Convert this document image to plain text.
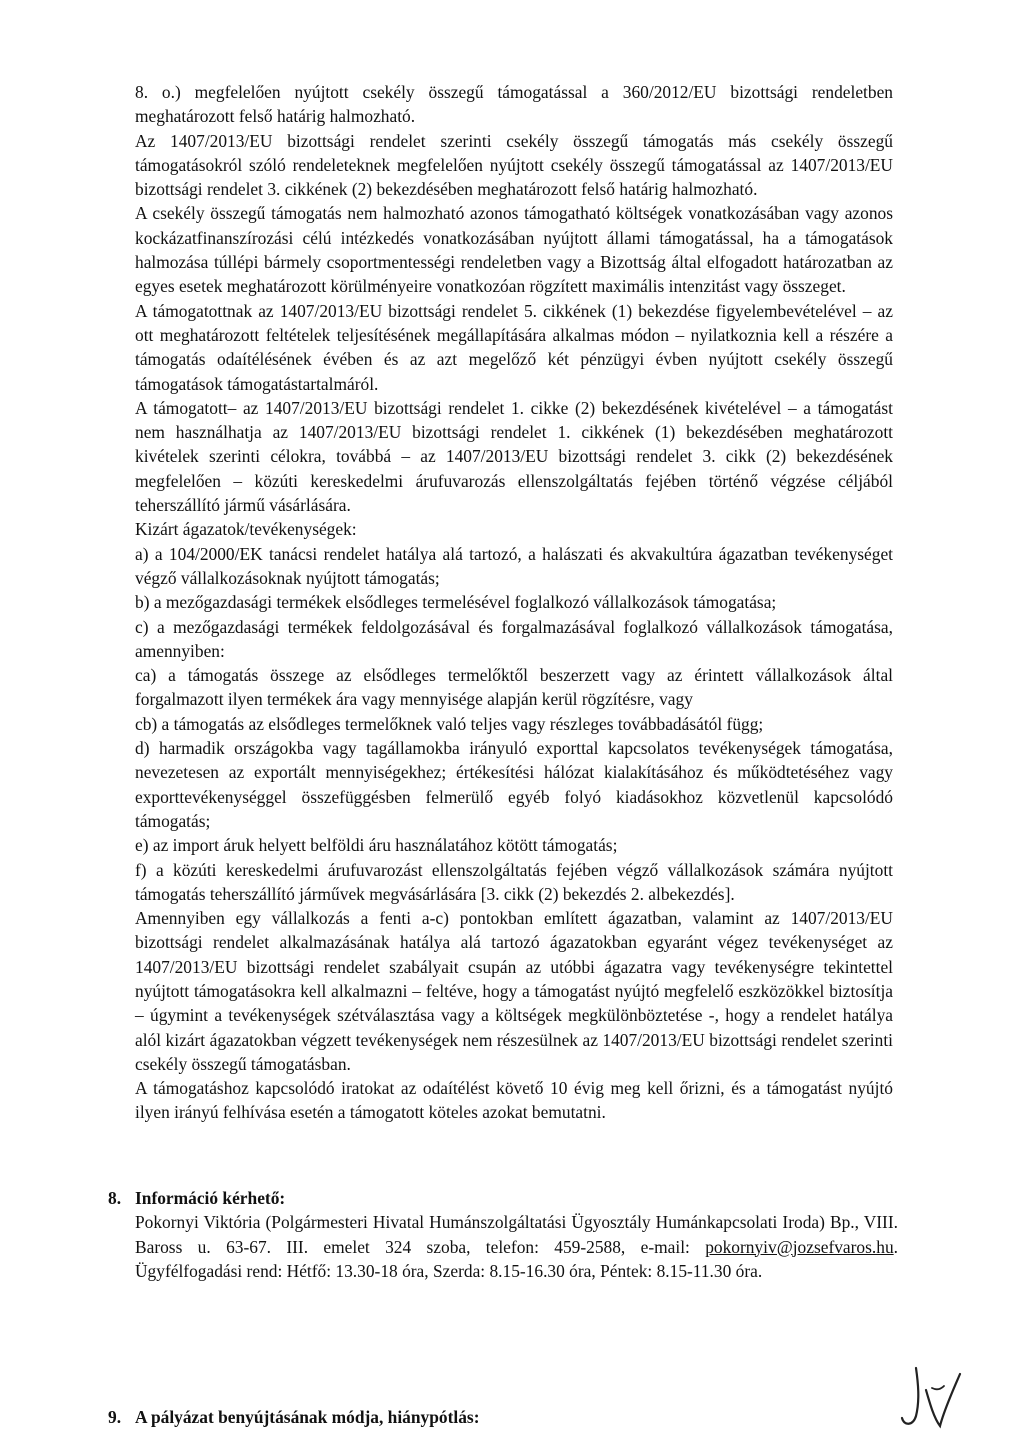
8. o.) megfelelően nyújtott csekély összegű támogatással a 360/2012/EU bizottsági rendeletben meghatározott felső határig halmozható.

Az 1407/2013/EU bizottsági rendelet szerinti csekély összegű támogatás más csekély összegű támogatásokról szóló rendeleteknek megfelelően nyújtott csekély összegű támogatással az 1407/2013/EU bizottsági rendelet 3. cikkének (2) bekezdésében meghatározott felső határig halmozható.

A csekély összegű támogatás nem halmozható azonos támogatható költségek vonatkozásában vagy azonos kockázatfinanszírozási célú intézkedés vonatkozásában nyújtott állami támogatással, ha a támogatások halmozása túllépi bármely csoportmentességi rendeletben vagy a Bizottság által elfogadott határozatban az egyes esetek meghatározott körülményeire vonatkozóan rögzített maximális intenzitást vagy összeget.

A támogatottnak az 1407/2013/EU bizottsági rendelet 5. cikkének (1) bekezdése figyelembevételével – az ott meghatározott feltételek teljesítésének megállapítására alkalmas módon – nyilatkoznia kell a részére a támogatás odaítélésének évében és az azt megelőző két pénzügyi évben nyújtott csekély összegű támogatások támogatástartalmáról.

A támogatott– az 1407/2013/EU bizottsági rendelet 1. cikke (2) bekezdésének kivételével – a támogatást nem használhatja az 1407/2013/EU bizottsági rendelet 1. cikkének (1) bekezdésében meghatározott kivételek szerinti célokra, továbbá – az 1407/2013/EU bizottsági rendelet 3. cikk (2) bekezdésének megfelelően – közúti kereskedelmi árufuvarozás ellenszolgáltatás fejében történő végzése céljából teherszállító jármű vásárlására.

Kizárt ágazatok/tevékenységek:

a) a 104/2000/EK tanácsi rendelet hatálya alá tartozó, a halászati és akvakultúra ágazatban tevékenységet végző vállalkozásoknak nyújtott támogatás;

b) a mezőgazdasági termékek elsődleges termelésével foglalkozó vállalkozások támogatása;

c) a mezőgazdasági termékek feldolgozásával és forgalmazásával foglalkozó vállalkozások támogatása, amennyiben:

ca) a támogatás összege az elsődleges termelőktől beszerzett vagy az érintett vállalkozások által forgalmazott ilyen termékek ára vagy mennyisége alapján kerül rögzítésre, vagy

cb) a támogatás az elsődleges termelőknek való teljes vagy részleges továbbadásától függ;

d) harmadik országokba vagy tagállamokba irányuló exporttal kapcsolatos tevékenységek támogatása, nevezetesen az exportált mennyiségekhez; értékesítési hálózat kialakításához és működtetéséhez vagy exporttevékenységgel összefüggésben felmerülő egyéb folyó kiadásokhoz közvetlenül kapcsolódó támogatás;

e) az import áruk helyett belföldi áru használatához kötött támogatás;

f) a közúti kereskedelmi árufuvarozást ellenszolgáltatás fejében végző vállalkozások számára nyújtott támogatás teherszállító járművek megvásárlására [3. cikk (2) bekezdés 2. albekezdés].

Amennyiben egy vállalkozás a fenti a-c) pontokban említett ágazatban, valamint az 1407/2013/EU bizottsági rendelet alkalmazásának hatálya alá tartozó ágazatokban egyaránt végez tevékenységet az 1407/2013/EU bizottsági rendelet szabályait csupán az utóbbi ágazatra vagy tevékenységre tekintettel nyújtott támogatásokra kell alkalmazni – feltéve, hogy a támogatást nyújtó megfelelő eszközökkel biztosítja – úgymint a tevékenységek szétválasztása vagy a költségek megkülönböztetése -, hogy a rendelet hatálya alól kizárt ágazatokban végzett tevékenységek nem részesülnek az 1407/2013/EU bizottsági rendelet szerinti csekély összegű támogatásban.

A támogatáshoz kapcsolódó iratokat az odaítélést követő 10 évig meg kell őrizni, és a támogatást nyújtó ilyen irányú felhívása esetén a támogatott köteles azokat bemutatni.

8. Információ kérhető:

Pokornyi Viktória (Polgármesteri Hivatal Humánszolgáltatási Ügyosztály Humánkapcsolati Iroda) Bp., VIII. Baross u. 63-67. III. emelet 324 szoba, telefon: 459-2588, e-mail: pokornyiv@jozsefvaros.hu. Ügyfélfogadási rend: Hétfő: 13.30-18 óra, Szerda: 8.15-16.30 óra, Péntek: 8.15-11.30 óra.

9. A pályázat benyújtásának módja, hiánypótlás:
